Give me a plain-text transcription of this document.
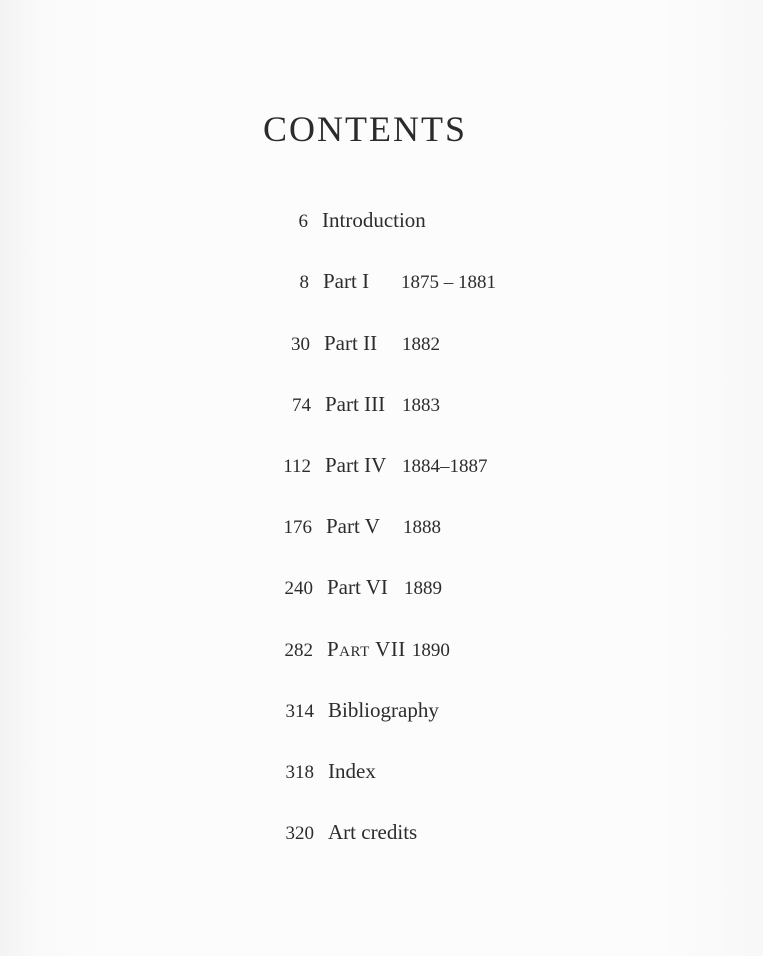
CONTENTS
6 Introduction
8 Part I	1875 – 1881
30 Part II	1882
74 Part III 1883
112 Part IV 1884–1887
176 Part V	1888
240 Part VI 1889
282 Part VII 1890
314 Bibliography
318 Index
320 Art credits
